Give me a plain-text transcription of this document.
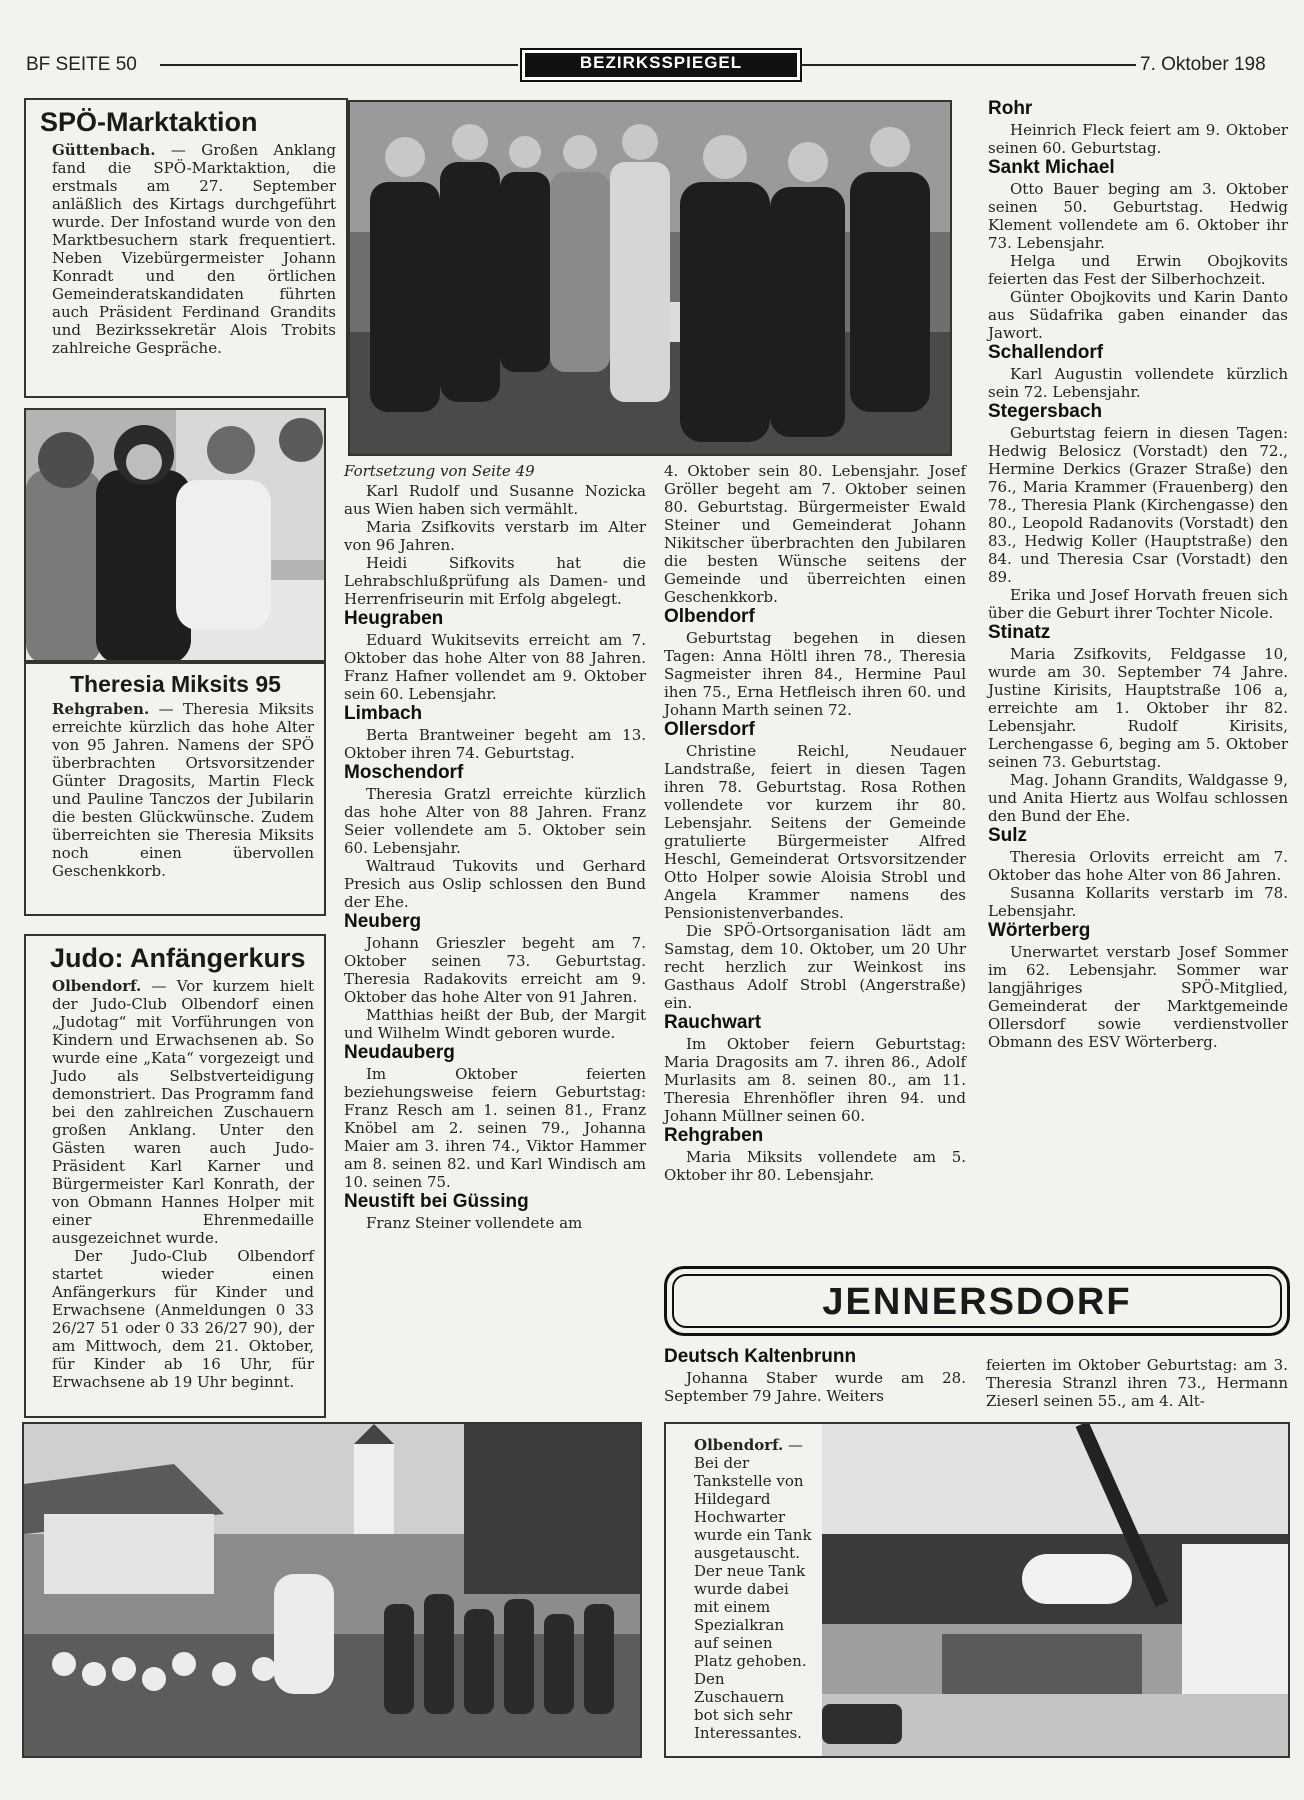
BF SEITE 50	BEZIRKSSPIEGEL	7. Oktober 198
SPÖ-Marktaktion

Güttenbach. — Großen Anklang fand die SPÖ-Marktaktion, die erstmals am 27. September anläßlich des Kirtags durchgeführt wurde. Der Infostand wurde von den Marktbesuchern stark frequentiert. Neben Vizebürgermeister Johann Konradt und den örtlichen Gemeinderatskandidaten führten auch Präsident Ferdinand Grandits und Bezirkssekretär Alois Trobits zahlreiche Gespräche.

Theresia Miksits 95

Rehgraben. — Theresia Miksits erreichte kürzlich das hohe Alter von 95 Jahren. Namens der SPÖ überbrachten Ortsvorsitzender Günter Dragosits, Martin Fleck und Pauline Tanczos der Jubilarin die besten Glückwünsche. Zudem überreichten sie Theresia Miksits noch einen übervollen Geschenkkorb.

Judo: Anfängerkurs

Olbendorf. — Vor kurzem hielt der Judo-Club Olbendorf einen „Judotag“ mit Vorführungen von Kindern und Erwachsenen ab. So wurde eine „Kata“ vorgezeigt und Judo als Selbstverteidigung demonstriert. Das Programm fand bei den zahlreichen Zuschauern großen Anklang. Unter den Gästen waren auch Judo-Präsident Karl Karner und Bürgermeister Karl Konrath, der von Obmann Hannes Holper mit einer Ehrenmedaille ausgezeichnet wurde.

Der Judo-Club Olbendorf startet wieder einen Anfängerkurs für Kinder und Erwachsene (Anmeldungen 0 33 26/27 51 oder 0 33 26/27 90), der am Mittwoch, dem 21. Oktober, für Kinder ab 16 Uhr, für Erwachsene ab 19 Uhr beginnt.

Fortsetzung von Seite 49

Karl Rudolf und Susanne Nozicka aus Wien haben sich vermählt.

Maria Zsifkovits verstarb im Alter von 96 Jahren.

Heidi Sifkovits hat die Lehrabschlußprüfung als Damen- und Herrenfriseurin mit Erfolg abgelegt.

Heugraben

Eduard Wukitsevits erreicht am 7. Oktober das hohe Alter von 88 Jahren. Franz Hafner vollendet am 9. Oktober sein 60. Lebensjahr.

Limbach

Berta Brantweiner begeht am 13. Oktober ihren 74. Geburtstag.

Moschendorf

Theresia Gratzl erreichte kürzlich das hohe Alter von 88 Jahren. Franz Seier vollendete am 5. Oktober sein 60. Lebensjahr.

Waltraud Tukovits und Gerhard Presich aus Oslip schlossen den Bund der Ehe.

Neuberg

Johann Grieszler begeht am 7. Oktober seinen 73. Geburtstag. Theresia Radakovits erreicht am 9. Oktober das hohe Alter von 91 Jahren.

Matthias heißt der Bub, der Margit und Wilhelm Windt geboren wurde.

Neudauberg

Im Oktober feierten beziehungsweise feiern Geburtstag: Franz Resch am 1. seinen 81., Franz Knöbel am 2. seinen 79., Johanna Maier am 3. ihren 74., Viktor Hammer am 8. seinen 82. und Karl Windisch am 10. seinen 75.

Neustift bei Güssing

Franz Steiner vollendete am

4. Oktober sein 80. Lebensjahr. Josef Gröller begeht am 7. Oktober seinen 80. Geburtstag. Bürgermeister Ewald Steiner und Gemeinderat Johann Nikitscher überbrachten den Jubilaren die besten Wünsche seitens der Gemeinde und überreichten einen Geschenkkorb.

Olbendorf

Geburtstag begehen in diesen Tagen: Anna Höltl ihren 78., Theresia Sagmeister ihren 84., Hermine Paul ihen 75., Erna Hetfleisch ihren 60. und Johann Marth seinen 72.

Ollersdorf

Christine Reichl, Neudauer Landstraße, feiert in diesen Tagen ihren 78. Geburtstag. Rosa Rothen vollendete vor kurzem ihr 80. Lebensjahr. Seitens der Gemeinde gratulierte Bürgermeister Alfred Heschl, Gemeinderat Ortsvorsitzender Otto Holper sowie Aloisia Strobl und Angela Krammer namens des Pensionistenverbandes.

Die SPÖ-Ortsorganisation lädt am Samstag, dem 10. Oktober, um 20 Uhr recht herzlich zur Weinkost ins Gasthaus Adolf Strobl (Angerstraße) ein.

Rauchwart

Im Oktober feiern Geburtstag: Maria Dragosits am 7. ihren 86., Adolf Murlasits am 8. seinen 80., am 11. Theresia Ehrenhöfler ihren 94. und Johann Müllner seinen 60.

Rehgraben

Maria Miksits vollendete am 5. Oktober ihr 80. Lebensjahr.

Rohr

Heinrich Fleck feiert am 9. Oktober seinen 60. Geburtstag.

Sankt Michael

Otto Bauer beging am 3. Oktober seinen 50. Geburtstag. Hedwig Klement vollendete am 6. Oktober ihr 73. Lebensjahr.

Helga und Erwin Obojkovits feierten das Fest der Silberhochzeit.

Günter Obojkovits und Karin Danto aus Südafrika gaben einander das Jawort.

Schallendorf

Karl Augustin vollendete kürzlich sein 72. Lebensjahr.

Stegersbach

Geburtstag feiern in diesen Tagen: Hedwig Belosicz (Vorstadt) den 72., Hermine Derkics (Grazer Straße) den 76., Maria Krammer (Frauenberg) den 78., Theresia Plank (Kirchengasse) den 80., Leopold Radanovits (Vorstadt) den 83., Hedwig Koller (Hauptstraße) den 84. und Theresia Csar (Vorstadt) den 89.

Erika und Josef Horvath freuen sich über die Geburt ihrer Tochter Nicole.

Stinatz

Maria Zsifkovits, Feldgasse 10, wurde am 30. September 74 Jahre. Justine Kirisits, Hauptstraße 106 a, erreichte am 1. Oktober ihr 82. Lebensjahr. Rudolf Kirisits, Lerchengasse 6, beging am 5. Oktober seinen 73. Geburtstag.

Mag. Johann Grandits, Waldgasse 9, und Anita Hiertz aus Wolfau schlossen den Bund der Ehe.

Sulz

Theresia Orlovits erreicht am 7. Oktober das hohe Alter von 86 Jahren.

Susanna Kollarits verstarb im 78. Lebensjahr.

Wörterberg

Unerwartet verstarb Josef Sommer im 62. Lebensjahr. Sommer war langjähriges SPÖ-Mitglied, Gemeinderat der Marktgemeinde Ollersdorf sowie verdienstvoller Obmann des ESV Wörterberg.

JENNERSDORF
Deutsch Kaltenbrunn

Johanna Staber wurde am 28. September 79 Jahre. Weiters

feierten im Oktober Geburtstag: am 3. Theresia Stranzl ihren 73., Hermann Zieserl seinen 55., am 4. Alt-

Olbendorf. — Bei der Tankstelle von Hildegard Hochwarter wurde ein Tank ausgetauscht. Der neue Tank wurde dabei mit einem Spezialkran auf seinen Platz gehoben. Den Zuschauern bot sich sehr Interessantes.
